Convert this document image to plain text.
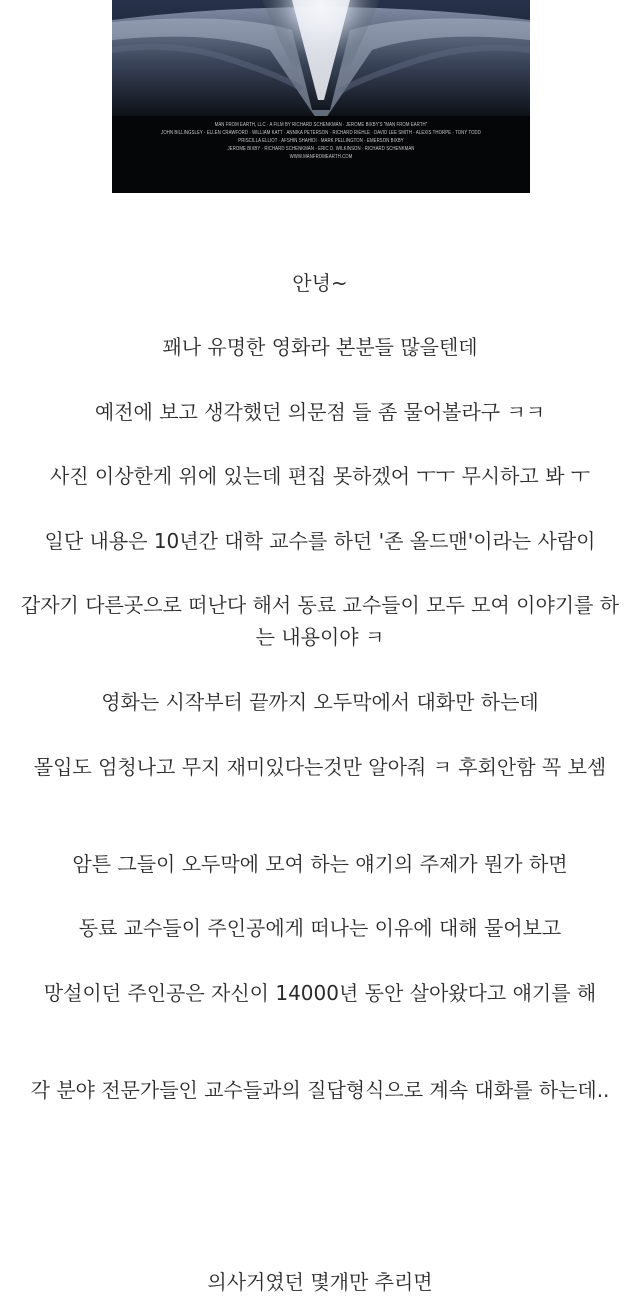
MAN FROM EARTH, LLC · A FILM BY RICHARD SCHENKMAN · JEROME BIXBY'S "MAN FROM EARTH"
JOHN BILLINGSLEY · ELLEN CRAWFORD · WILLIAM KATT · ANNIKA PETERSON · RICHARD RIEHLE · DAVID LEE SMITH · ALEXIS THORPE · TONY TODD
PRISCILLA ELLIOT · AFSHIN SHAHIDI · MARK PELLINGTON · EMERSON BIXBY
JEROME BIXBY · RICHARD SCHENKMAN · ERIC D. WILKINSON · RICHARD SCHENKMAN
WWW.MANFROMEARTH.COM

안녕~

꽤나 유명한 영화라 본분들 많을텐데

예전에 보고 생각했던 의문점 들 좀 물어볼라구 ㅋㅋ

사진 이상한게 위에 있는데 편집 못하겠어 ㅜㅜ 무시하고 봐 ㅜ

일단 내용은 10년간 대학 교수를 하던 '존 올드맨'이라는 사람이

갑자기 다른곳으로 떠난다 해서 동료 교수들이 모두 모여 이야기를 하는 내용이야 ㅋ

영화는 시작부터 끝까지 오두막에서 대화만 하는데

몰입도 엄청나고 무지 재미있다는것만 알아줘 ㅋ 후회안함 꼭 보셈

암튼 그들이 오두막에 모여 하는 얘기의 주제가 뭔가 하면

동료 교수들이 주인공에게 떠나는 이유에 대해 물어보고

망설이던 주인공은 자신이 14000년 동안 살아왔다고 얘기를 해

각 분야 전문가들인 교수들과의 질답형식으로 계속 대화를 하는데..

의사거였던 몇개만 추리면
